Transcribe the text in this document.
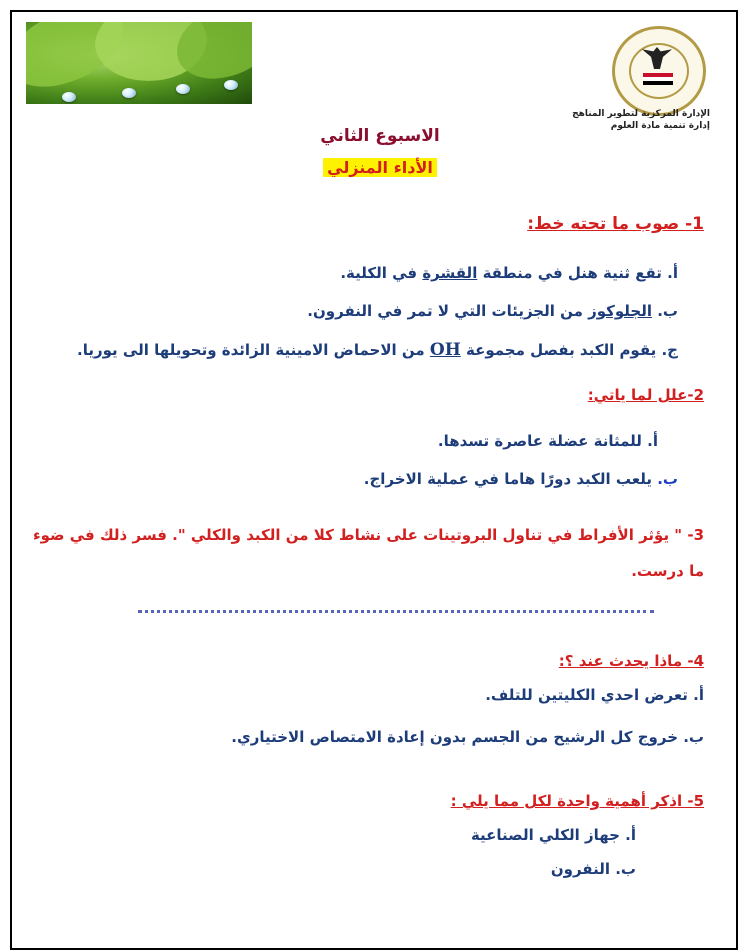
الإدارة المركزية لتطوير المناهج
إدارة تنمية مادة العلوم
الاسبوع الثاني
الأداء المنزلي
1- صوب ما تحته خط:
أ. تقع ثنية هنل في منطقة القشرة في الكلية.
ب. الجلوكوز من الجزيئات التي لا تمر في النفرون.
ج. يقوم الكبد بفصل مجموعة OH من الاحماض الامينية الزائدة وتحويلها الى يوريا.
2-علل لما ياتي:
أ. للمثانة عضلة عاصرة تسدها.
ب. يلعب الكبد دورًا هاما في عملية الاخراج.
3- " يؤثر الأفراط في تناول البروتينات على نشاط كلا من الكبد والكلي ". فسر ذلك في ضوء
ما درست.
4- ماذا يحدث عند ؟:
أ. تعرض احدي الكليتين للتلف.
ب. خروج كل الرشيح من الجسم بدون إعادة الامتصاص الاختياري.
5- اذكر أهمية واحدة لكل مما يلي :
أ. جهاز الكلي الصناعية
ب. النفرون
